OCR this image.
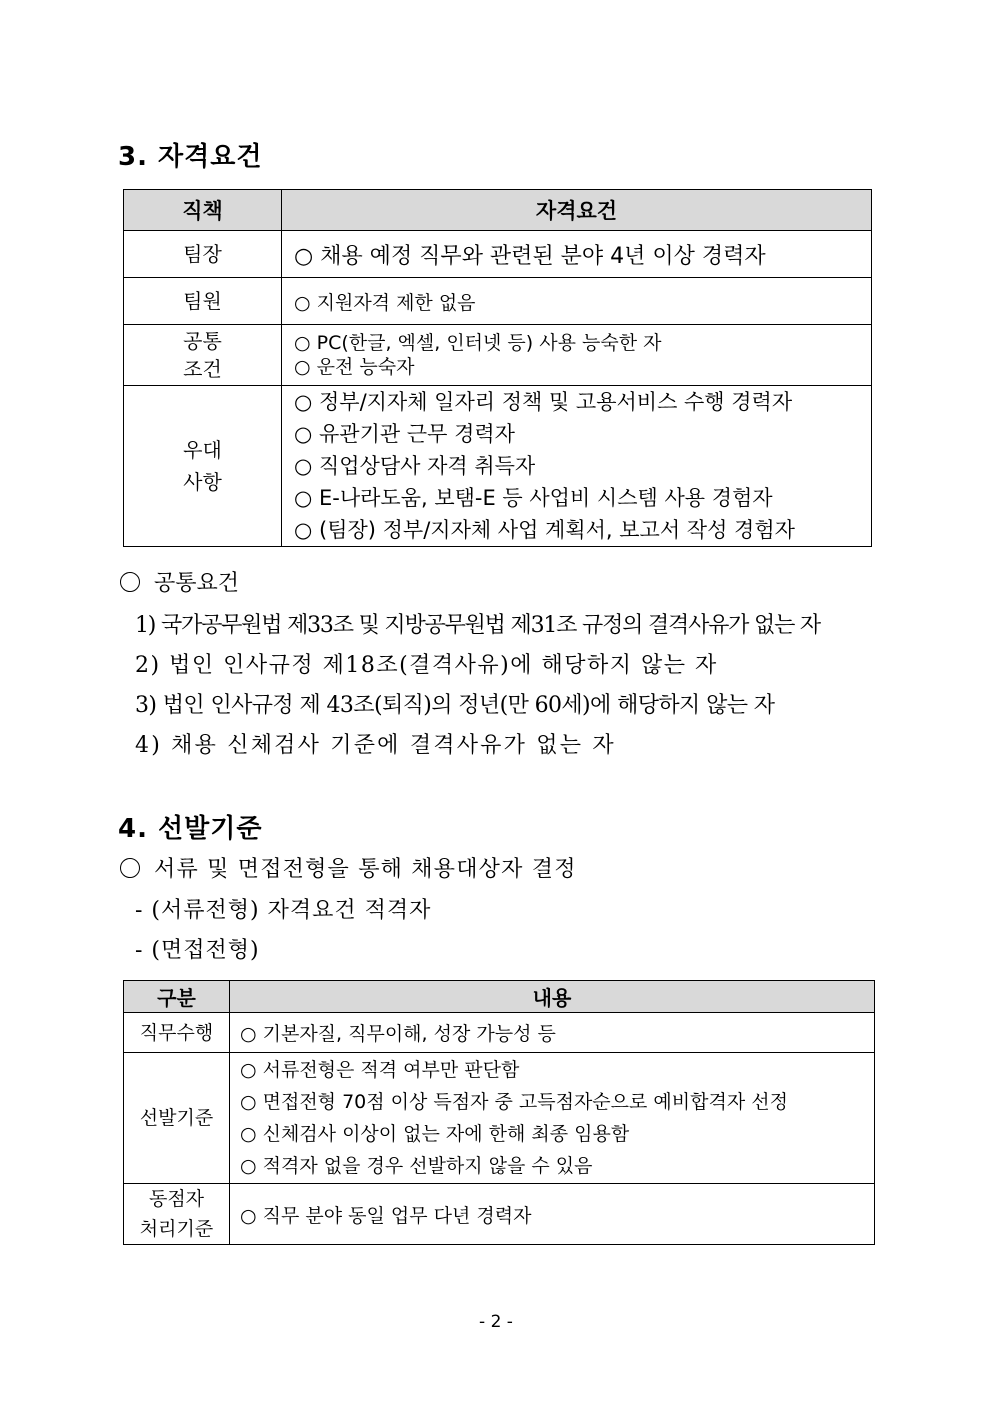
3. 자격요건
직책	자격요건
팀장	○ 채용 예정 직무와 관련된 분야 4년 이상 경력자

팀원	○ 지원자격 제한 없음

공통
조건	○ PC(한글, 엑셀, 인터넷 등) 사용 능숙한 자
○ 운전 능숙자

우대
사항	○ 정부/지자체 일자리 정책 및 고용서비스 수행 경력자
○ 유관기관 근무 경력자
○ 직업상담사 자격 취득자
○ E-나라도움, 보탬-E 등 사업비 시스템 사용 경험자
○ (팀장) 정부/지자체 사업 계획서, 보고서 작성 경험자
공통요건
1) 국가공무원법 제33조 및 지방공무원법 제31조 규정의 결격사유가 없는 자
2) 법인 인사규정 제18조(결격사유)에 해당하지 않는 자
3) 법인 인사규정 제 43조(퇴직)의 정년(만 60세)에 해당하지 않는 자
4) 채용 신체검사 기준에 결격사유가 없는 자
4. 선발기준
서류 및 면접전형을 통해 채용대상자 결정
- (서류전형) 자격요건 적격자
- (면접전형)
구분	내용
직무수행	○ 기본자질, 직무이해, 성장 가능성 등

선발기준	○ 서류전형은 적격 여부만 판단함
○ 면접전형 70점 이상 득점자 중 고득점자순으로 예비합격자 선정
○ 신체검사 이상이 없는 자에 한해 최종 임용함
○ 적격자 없을 경우 선발하지 않을 수 있음

동점자
처리기준	○ 직무 분야 동일 업무 다년 경력자
- 2 -
